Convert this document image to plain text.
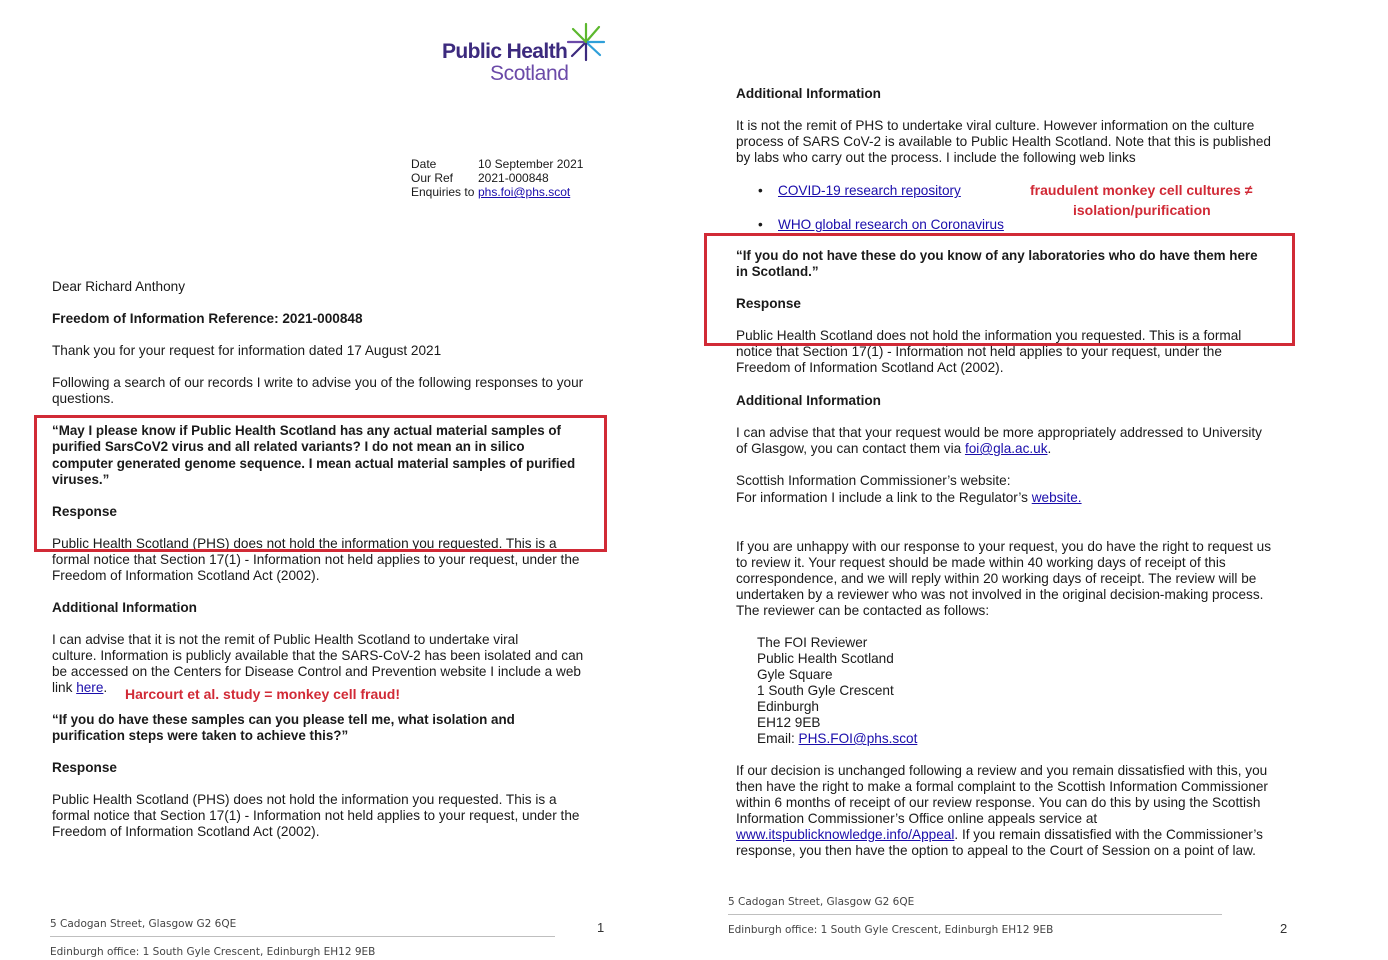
Public Health
Scotland
Date	10 September 2021
Our Ref	2021-000848
Enquiries to phs.foi@phs.scot

Dear Richard Anthony

Freedom of Information Reference: 2021-000848

Thank you for your request for information dated 17 August 2021

Following a search of our records I write to advise you of the following responses to your

questions.

“May I please know if Public Health Scotland has any actual material samples of

purified SarsCoV2 virus and all related variants? I do not mean an in silico

computer generated genome sequence. I mean actual material samples of purified

viruses.”

Response

Public Health Scotland (PHS) does not hold the information you requested. This is a

formal notice that Section 17(1) - Information not held applies to your request, under the

Freedom of Information Scotland Act (2002).

Additional Information

I can advise that it is not the remit of Public Health Scotland to undertake viral

culture. Information is publicly available that the SARS-CoV-2 has been isolated and can

be accessed on the Centers for Disease Control and Prevention website I include a web

link here. Harcourt et al. study = monkey cell fraud!

“If you do have these samples can you please tell me, what isolation and

purification steps were taken to achieve this?”

Response

Public Health Scotland (PHS) does not hold the information you requested. This is a

formal notice that Section 17(1) - Information not held applies to your request, under the

Freedom of Information Scotland Act (2002).

5 Cadogan Street, Glasgow G2 6QE	1
Edinburgh office: 1 South Gyle Crescent, Edinburgh EH12 9EB

Additional Information

It is not the remit of PHS to undertake viral culture. However information on the culture

process of SARS CoV-2 is available to Public Health Scotland. Note that this is published

by labs who carry out the process. I include the following web links

• COVID-19 research repository
• WHO global research on Coronavirus
fraudulent monkey cell cultures ≠
isolation/purification

“If you do not have these do you know of any laboratories who do have them here

in Scotland.”

Response

Public Health Scotland does not hold the information you requested. This is a formal

notice that Section 17(1) - Information not held applies to your request, under the

Freedom of Information Scotland Act (2002).

Additional Information

I can advise that that your request would be more appropriately addressed to University

of Glasgow, you can contact them via foi@gla.ac.uk.

Scottish Information Commissioner’s website:

For information I include a link to the Regulator’s website.

If you are unhappy with our response to your request, you do have the right to request us

to review it. Your request should be made within 40 working days of receipt of this

correspondence, and we will reply within 20 working days of receipt. The review will be

undertaken by a reviewer who was not involved in the original decision-making process.

The reviewer can be contacted as follows:

The FOI Reviewer

Public Health Scotland

Gyle Square

1 South Gyle Crescent

Edinburgh

EH12 9EB

Email: PHS.FOI@phs.scot

If our decision is unchanged following a review and you remain dissatisfied with this, you

then have the right to make a formal complaint to the Scottish Information Commissioner

within 6 months of receipt of our review response. You can do this by using the Scottish

Information Commissioner’s Office online appeals service at

www.itspublicknowledge.info/Appeal. If you remain dissatisfied with the Commissioner’s

response, you then have the option to appeal to the Court of Session on a point of law.

5 Cadogan Street, Glasgow G2 6QE
2
Edinburgh office: 1 South Gyle Crescent, Edinburgh EH12 9EB
